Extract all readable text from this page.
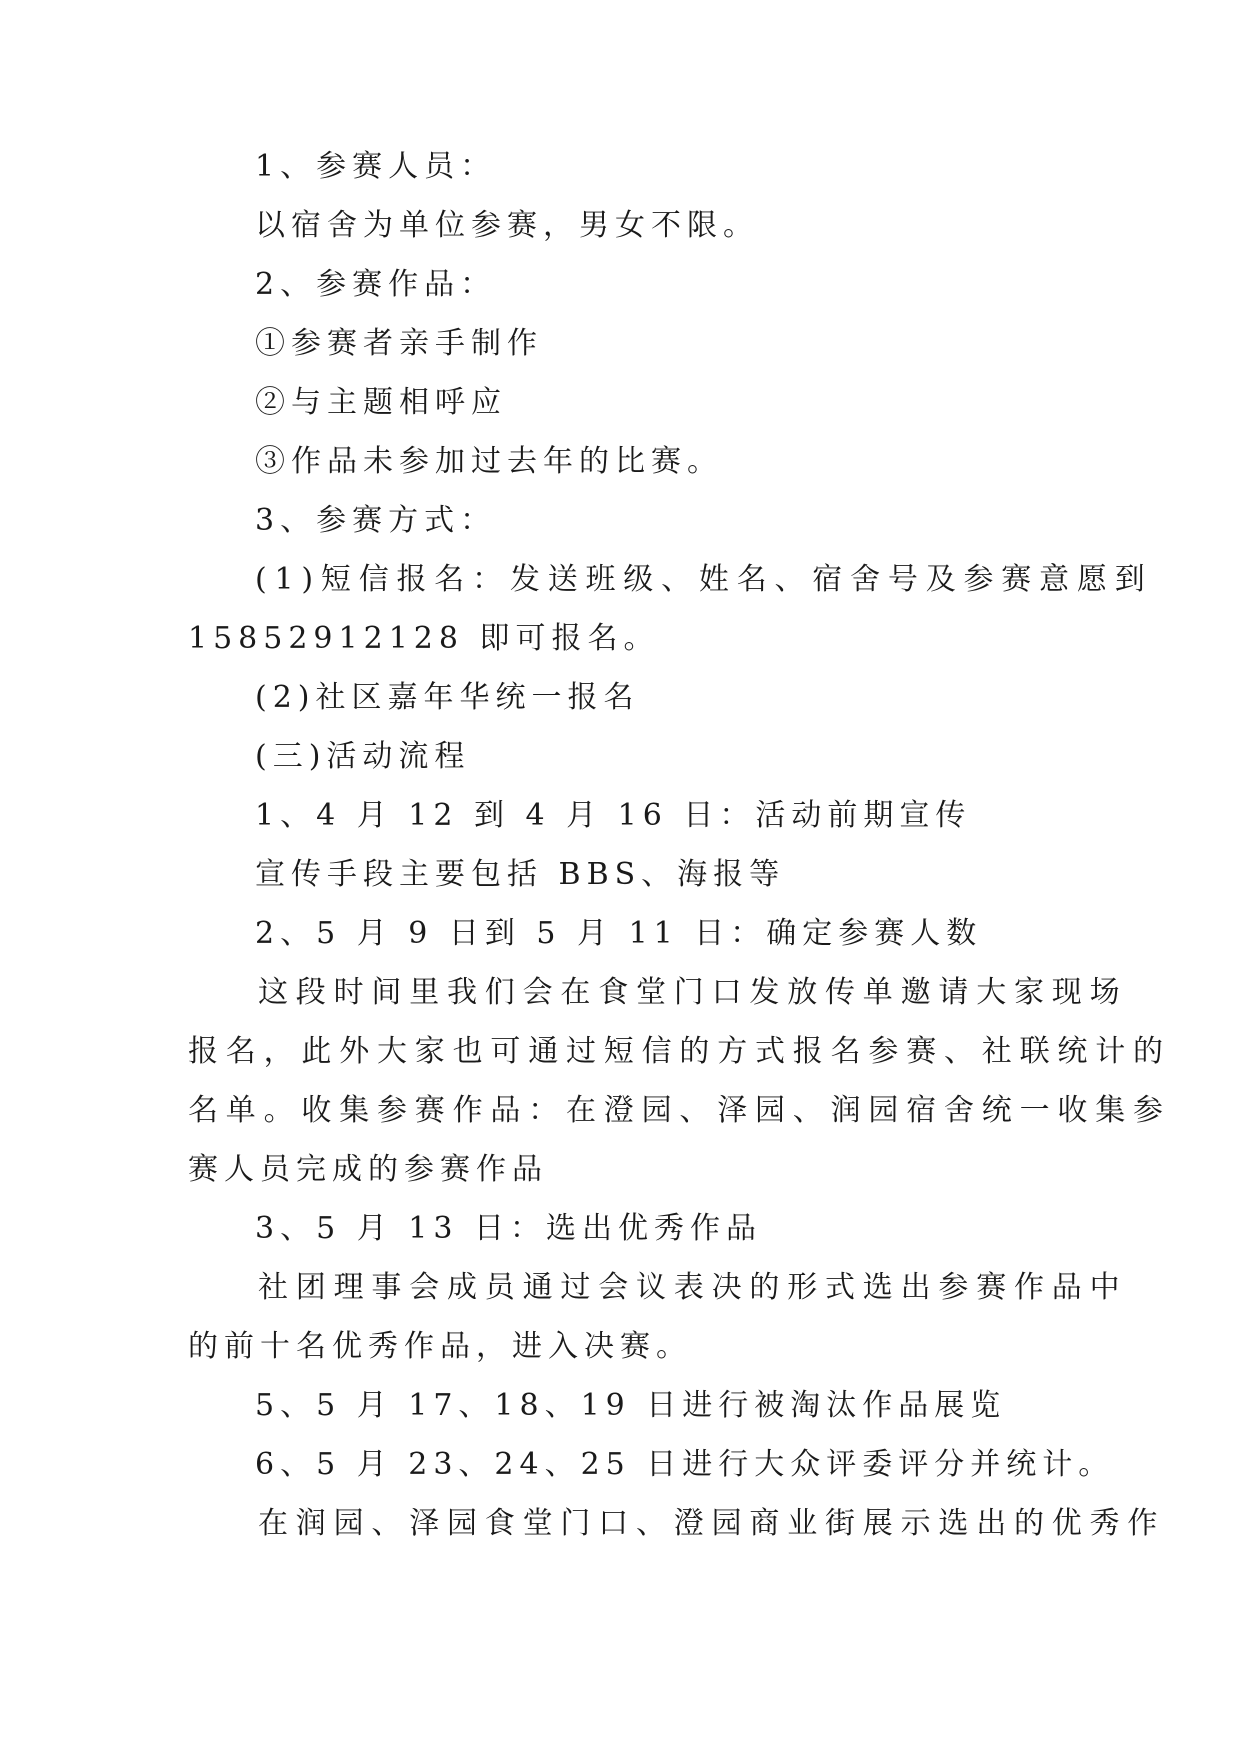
1、参赛人员：
以宿舍为单位参赛，男女不限。
2、参赛作品：
①参赛者亲手制作
②与主题相呼应
③作品未参加过去年的比赛。
3、参赛方式：
(1)短信报名：发送班级、姓名、宿舍号及参赛意愿到
15852912128 即可报名。
(2)社区嘉年华统一报名
(三)活动流程
1、4 月 12 到 4 月 16 日：活动前期宣传
宣传手段主要包括 BBS、海报等
2、5 月 9 日到 5 月 11 日：确定参赛人数
这段时间里我们会在食堂门口发放传单邀请大家现场
报名，此外大家也可通过短信的方式报名参赛、社联统计的
名单。收集参赛作品：在澄园、泽园、润园宿舍统一收集参
赛人员完成的参赛作品
3、5 月 13 日：选出优秀作品
社团理事会成员通过会议表决的形式选出参赛作品中
的前十名优秀作品，进入决赛。
5、5 月 17、18、19 日进行被淘汰作品展览
6、5 月 23、24、25 日进行大众评委评分并统计。
在润园、泽园食堂门口、澄园商业街展示选出的优秀作
